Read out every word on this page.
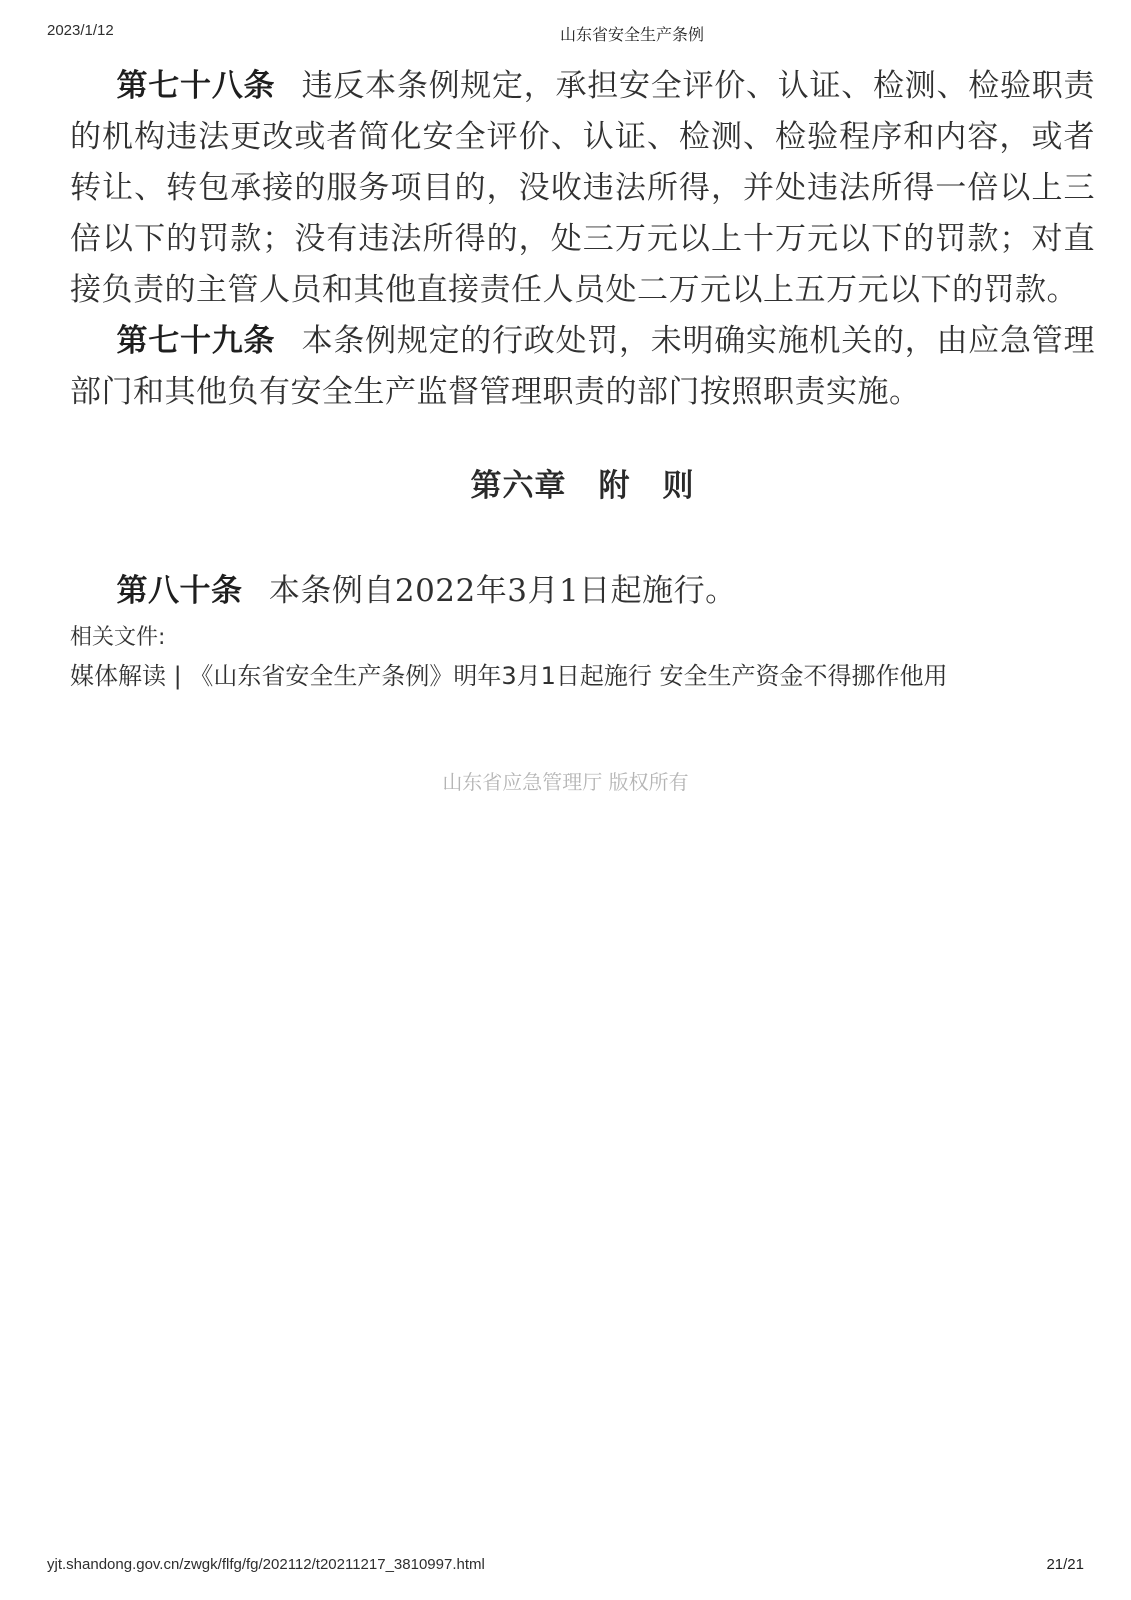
2023/1/12	山东省安全生产条例

第七十八条 违反本条例规定，承担安全评价、认证、检测、检验职责的机构违法更改或者简化安全评价、认证、检测、检验程序和内容，或者转让、转包承接的服务项目的，没收违法所得，并处违法所得一倍以上三倍以下的罚款；没有违法所得的，处三万元以上十万元以下的罚款；对直接负责的主管人员和其他直接责任人员处二万元以上五万元以下的罚款。

第七十九条 本条例规定的行政处罚，未明确实施机关的，由应急管理部门和其他负有安全生产监督管理职责的部门按照职责实施。

第六章　附　则

第八十条 本条例自2022年3月1日起施行。

相关文件:
媒体解读 | 《山东省安全生产条例》明年3月1日起施行 安全生产资金不得挪作他用
山东省应急管理厅 版权所有
yjt.shandong.gov.cn/zwgk/flfg/fg/202112/t20211217_3810997.html	21/21
